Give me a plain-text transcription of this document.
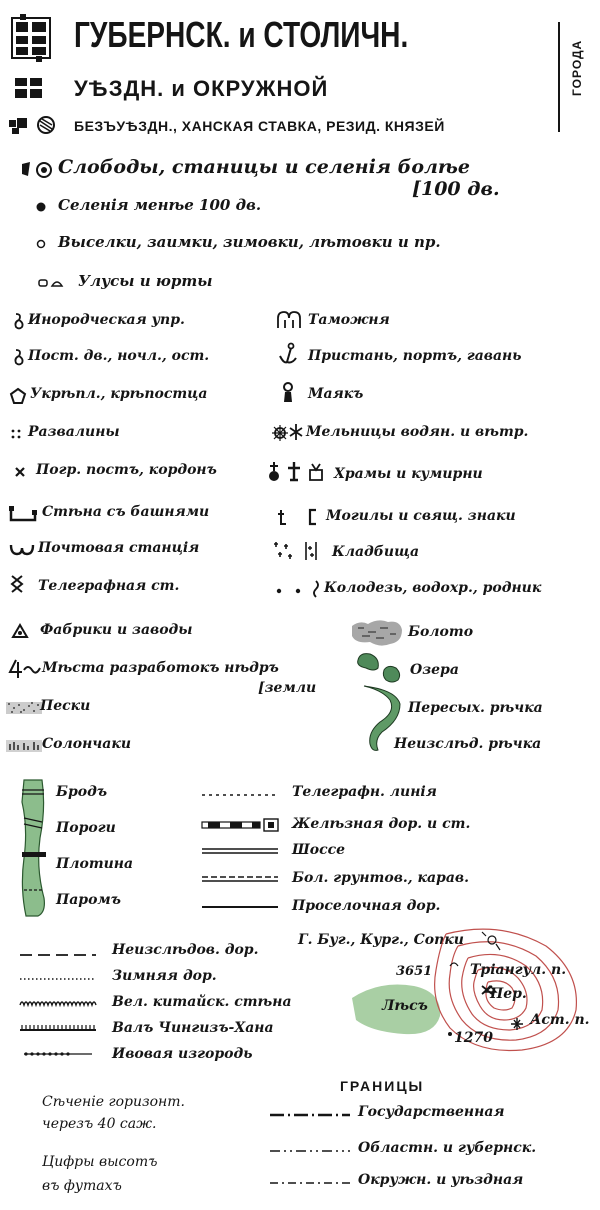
ГУБЕРНСК. и СТОЛИЧН.
УѢЗДН. и ОКРУЖНОЙ
БЕЗЪУѢЗДН., ХАНСКАЯ СТАВКА, РЕЗИД. КНЯЗЕЙ
ГОРОДА
Слободы, станицы и селенія болѣе
[100 дв.
Селенія менѣе 100 дв.
Выселки, заимки, зимовки, лѣтовки и пр.
Улусы и юрты
Инородческая упр.
Пост. дв., ночл., ост.
Укрѣпл., крѣпостца
Развалины
Погр. постъ, кордонъ
Стѣна съ башнями
Почтовая станція
Телеграфная ст.
Фабрики и заводы
Мѣста разработокъ нѣдръ
[земли
Пески
Солончаки
Таможня
Пристань, портъ, гавань
Маякъ
Мельницы водян. и вѣтр.
Храмы и кумирни
Могилы и свящ. знаки
Кладбища
Колодезь, водохр., родник
Болото
Озера
Пересых. рѣчка
Неизслѣд. рѣчка
Бродъ
Пороги
Плотина
Паромъ
Телеграфн. линія
Желѣзная дор. и ст.
Шоссе
Бол. грунтов., карав.
Проселочная дор.
Неизслѣдов. дор.
Зимняя дор.
Вел. китайск. стѣна
Валъ Чингизъ-Хана
Ивовая изгородь
Г. Буг., Кург., Сопки
3651	Трiангул. п.
Пер.
Лѣсъ
Аст. п.
1270
Сѣченіе горизонт.
черезъ 40 саж.
Цифры высотъ
въ футахъ
ГРАНИЦЫ
Государственная
Областн. и губернск.
Окружн. и уѣздная
